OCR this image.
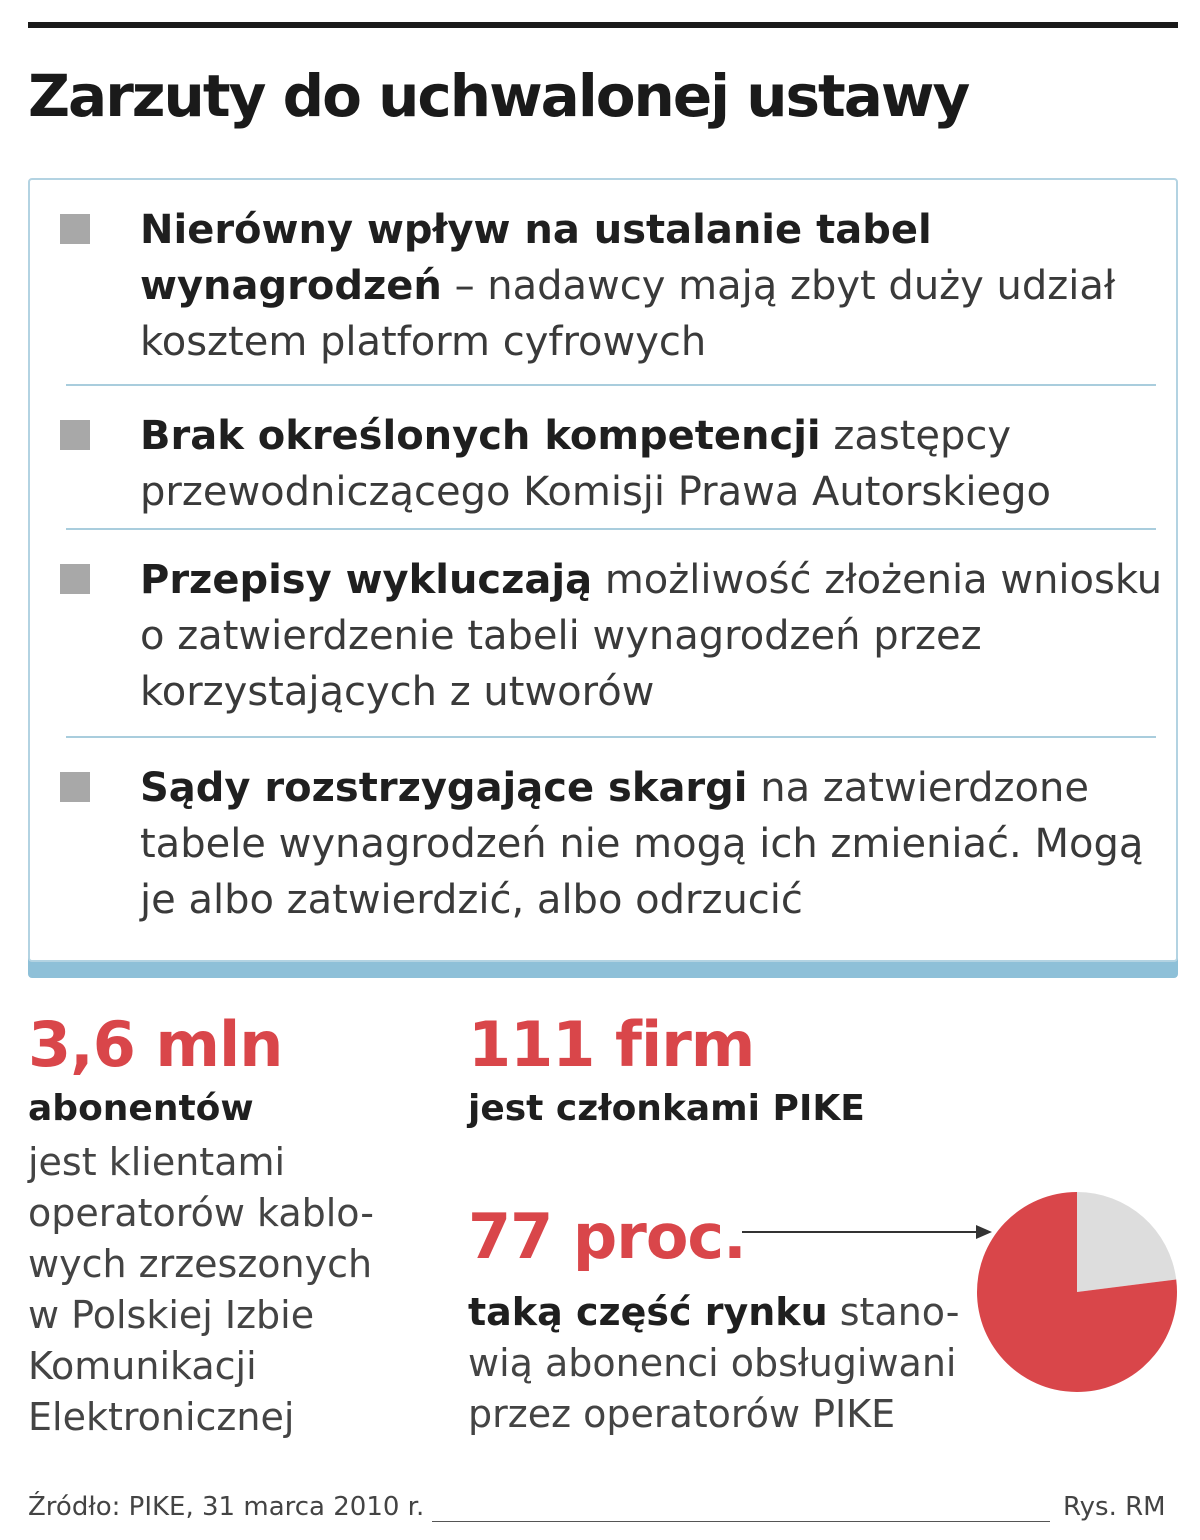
Zarzuty do uchwalonej ustawy
Nierówny wpływ na ustalanie tabel wynagrodzeń – nadawcy mają zbyt duży udział kosztem platform cyfrowych
Brak określonych kompetencji zastępcy przewodniczącego Komisji Prawa Autorskiego
Przepisy wykluczają możliwość złożenia wniosku o zatwierdzenie tabeli wynagrodzeń przez korzystających z utworów
Sądy rozstrzygające skargi na zatwierdzone tabele wynagrodzeń nie mogą ich zmieniać. Mogą je albo zatwierdzić, albo odrzucić
3,6 mln
abonentów
jest klientami
operatorów kablo-
wych zrzeszonych
w Polskiej Izbie
Komunikacji
Elektronicznej
111 firm
jest członkami PIKE
77 proc.
taką część rynku stano-
wią abonenci obsługiwani
przez operatorów PIKE
Źródło: PIKE, 31 marca 2010 r.	Rys. RM
